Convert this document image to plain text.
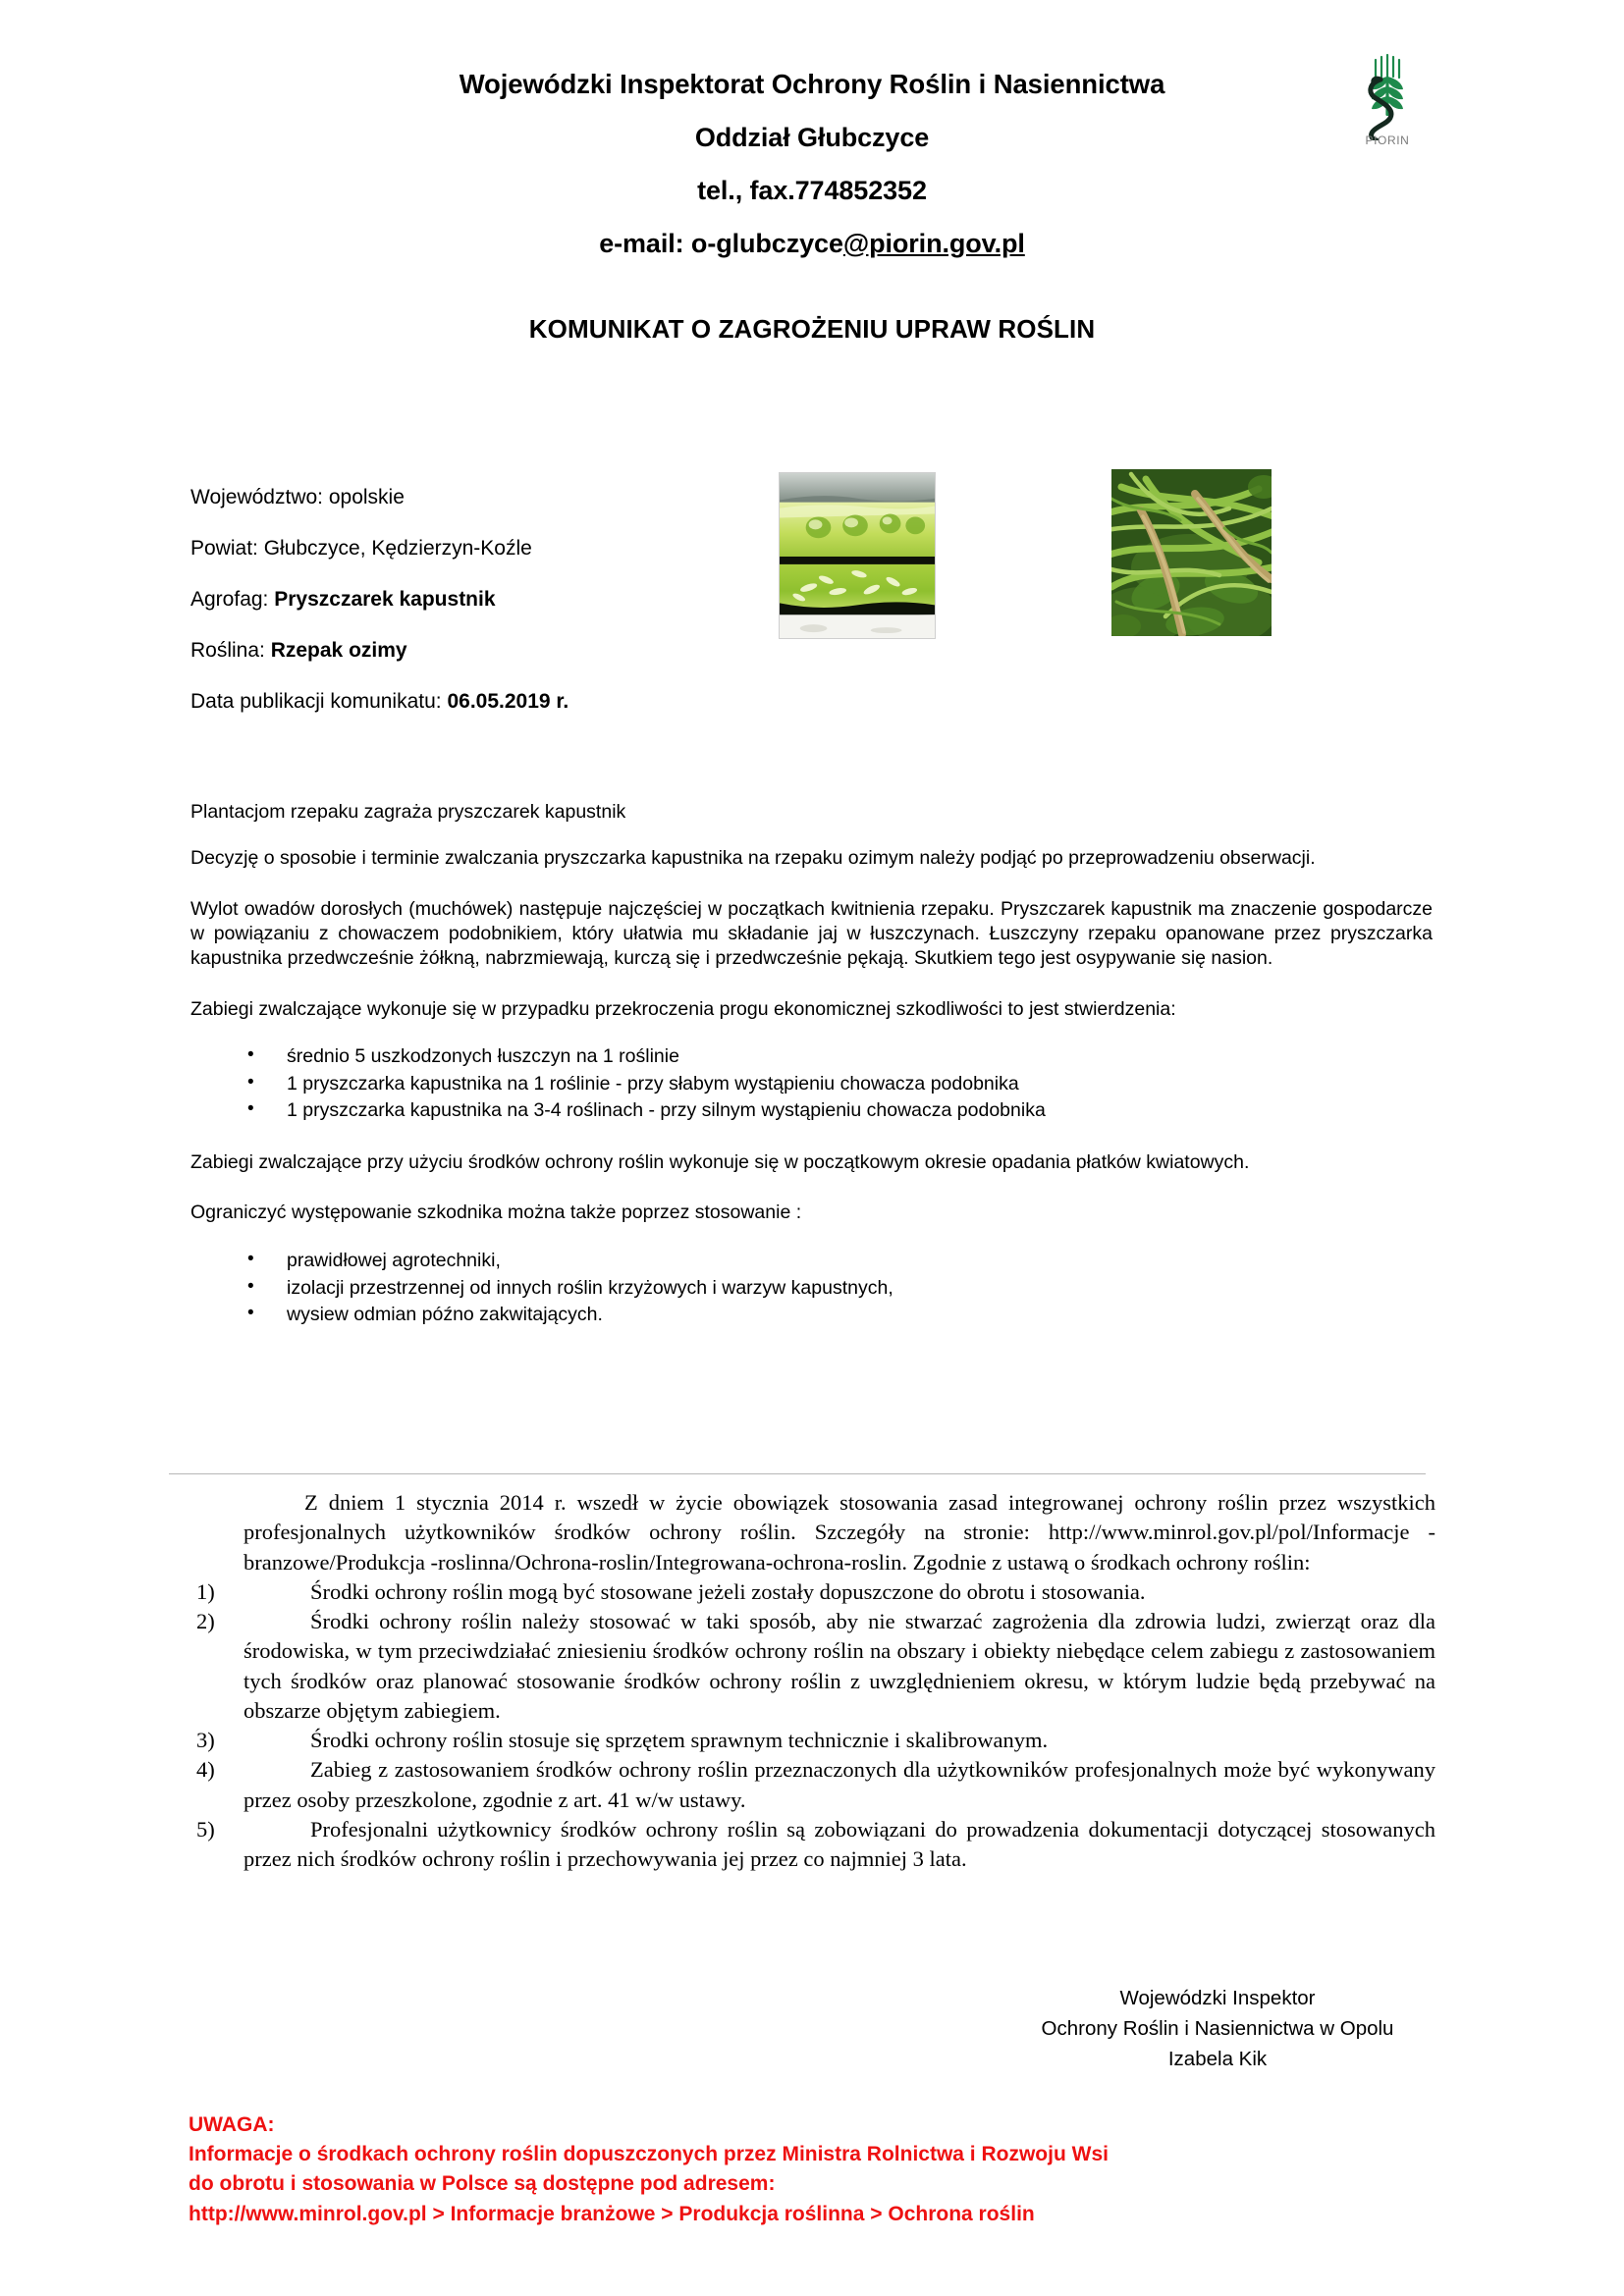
PIORIN
Wojewódzki Inspektorat Ochrony Roślin i Nasiennictwa
Oddział Głubczyce
tel., fax.774852352
e-mail: o-glubczyce@piorin.gov.pl
KOMUNIKAT O ZAGROŻENIU UPRAW ROŚLIN
Województwo: opolskie
Powiat: Głubczyce, Kędzierzyn-Koźle
Agrofag: Pryszczarek kapustnik
Roślina: Rzepak ozimy
Data publikacji komunikatu: 06.05.2019 r.

Plantacjom rzepaku zagraża pryszczarek kapustnik

Decyzję o sposobie i terminie zwalczania pryszczarka kapustnika na rzepaku ozimym należy podjąć po przeprowadzeniu obserwacji.

Wylot owadów dorosłych (muchówek) następuje najczęściej w początkach kwitnienia rzepaku. Pryszczarek kapustnik ma znaczenie gospodarcze w powiązaniu z chowaczem podobnikiem, który ułatwia mu składanie jaj w łuszczynach. Łuszczyny rzepaku opanowane przez pryszczarka kapustnika przedwcześnie żółkną, nabrzmiewają, kurczą się i przedwcześnie pękają. Skutkiem tego jest osypywanie się nasion.

Zabiegi zwalczające wykonuje się w przypadku przekroczenia progu ekonomicznej szkodliwości to jest stwierdzenia:

• średnio 5 uszkodzonych łuszczyn na 1 roślinie
• 1 pryszczarka kapustnika na 1 roślinie - przy słabym wystąpieniu chowacza podobnika
• 1 pryszczarka kapustnika na 3-4 roślinach - przy silnym wystąpieniu chowacza podobnika

Zabiegi zwalczające przy użyciu środków ochrony roślin wykonuje się w początkowym okresie opadania płatków kwiatowych.

Ograniczyć występowanie szkodnika można także poprzez stosowanie :

• prawidłowej agrotechniki,
• izolacji przestrzennej od innych roślin krzyżowych i warzyw kapustnych,
• wysiew odmian późno zakwitających.

Z dniem 1 stycznia 2014 r. wszedł w życie obowiązek stosowania zasad integrowanej ochrony roślin przez wszystkich profesjonalnych użytkowników środków ochrony roślin. Szczegóły na stronie: http://www.minrol.gov.pl/pol/Informacje -branzowe/Produkcja -roslinna/Ochrona-roslin/Integrowana-ochrona-roslin. Zgodnie z ustawą o środkach ochrony roślin:

1)	Środki ochrony roślin mogą być stosowane jeżeli zostały dopuszczone do obrotu i stosowania.
2)	Środki ochrony roślin należy stosować w taki sposób, aby nie stwarzać zagrożenia dla zdrowia ludzi, zwierząt oraz dla środowiska, w tym przeciwdziałać zniesieniu środków ochrony roślin na obszary i obiekty niebędące celem zabiegu z zastosowaniem tych środków oraz planować stosowanie środków ochrony roślin z uwzględnieniem okresu, w którym ludzie będą przebywać na obszarze objętym zabiegiem.
3)	Środki ochrony roślin stosuje się sprzętem sprawnym technicznie i skalibrowanym.
4)	Zabieg z zastosowaniem środków ochrony roślin przeznaczonych dla użytkowników profesjonalnych może być wykonywany przez osoby przeszkolone, zgodnie z art. 41 w/w ustawy.
5)	Profesjonalni użytkownicy środków ochrony roślin są zobowiązani do prowadzenia dokumentacji dotyczącej stosowanych przez nich środków ochrony roślin i przechowywania jej przez co najmniej 3 lata.
Wojewódzki Inspektor
Ochrony Roślin i Nasiennictwa w Opolu
Izabela Kik
UWAGA:
Informacje o środkach ochrony roślin dopuszczonych przez Ministra Rolnictwa i Rozwoju Wsi
do obrotu i stosowania w Polsce są dostępne pod adresem:
http://www.minrol.gov.pl > Informacje branżowe > Produkcja roślinna > Ochrona roślin
